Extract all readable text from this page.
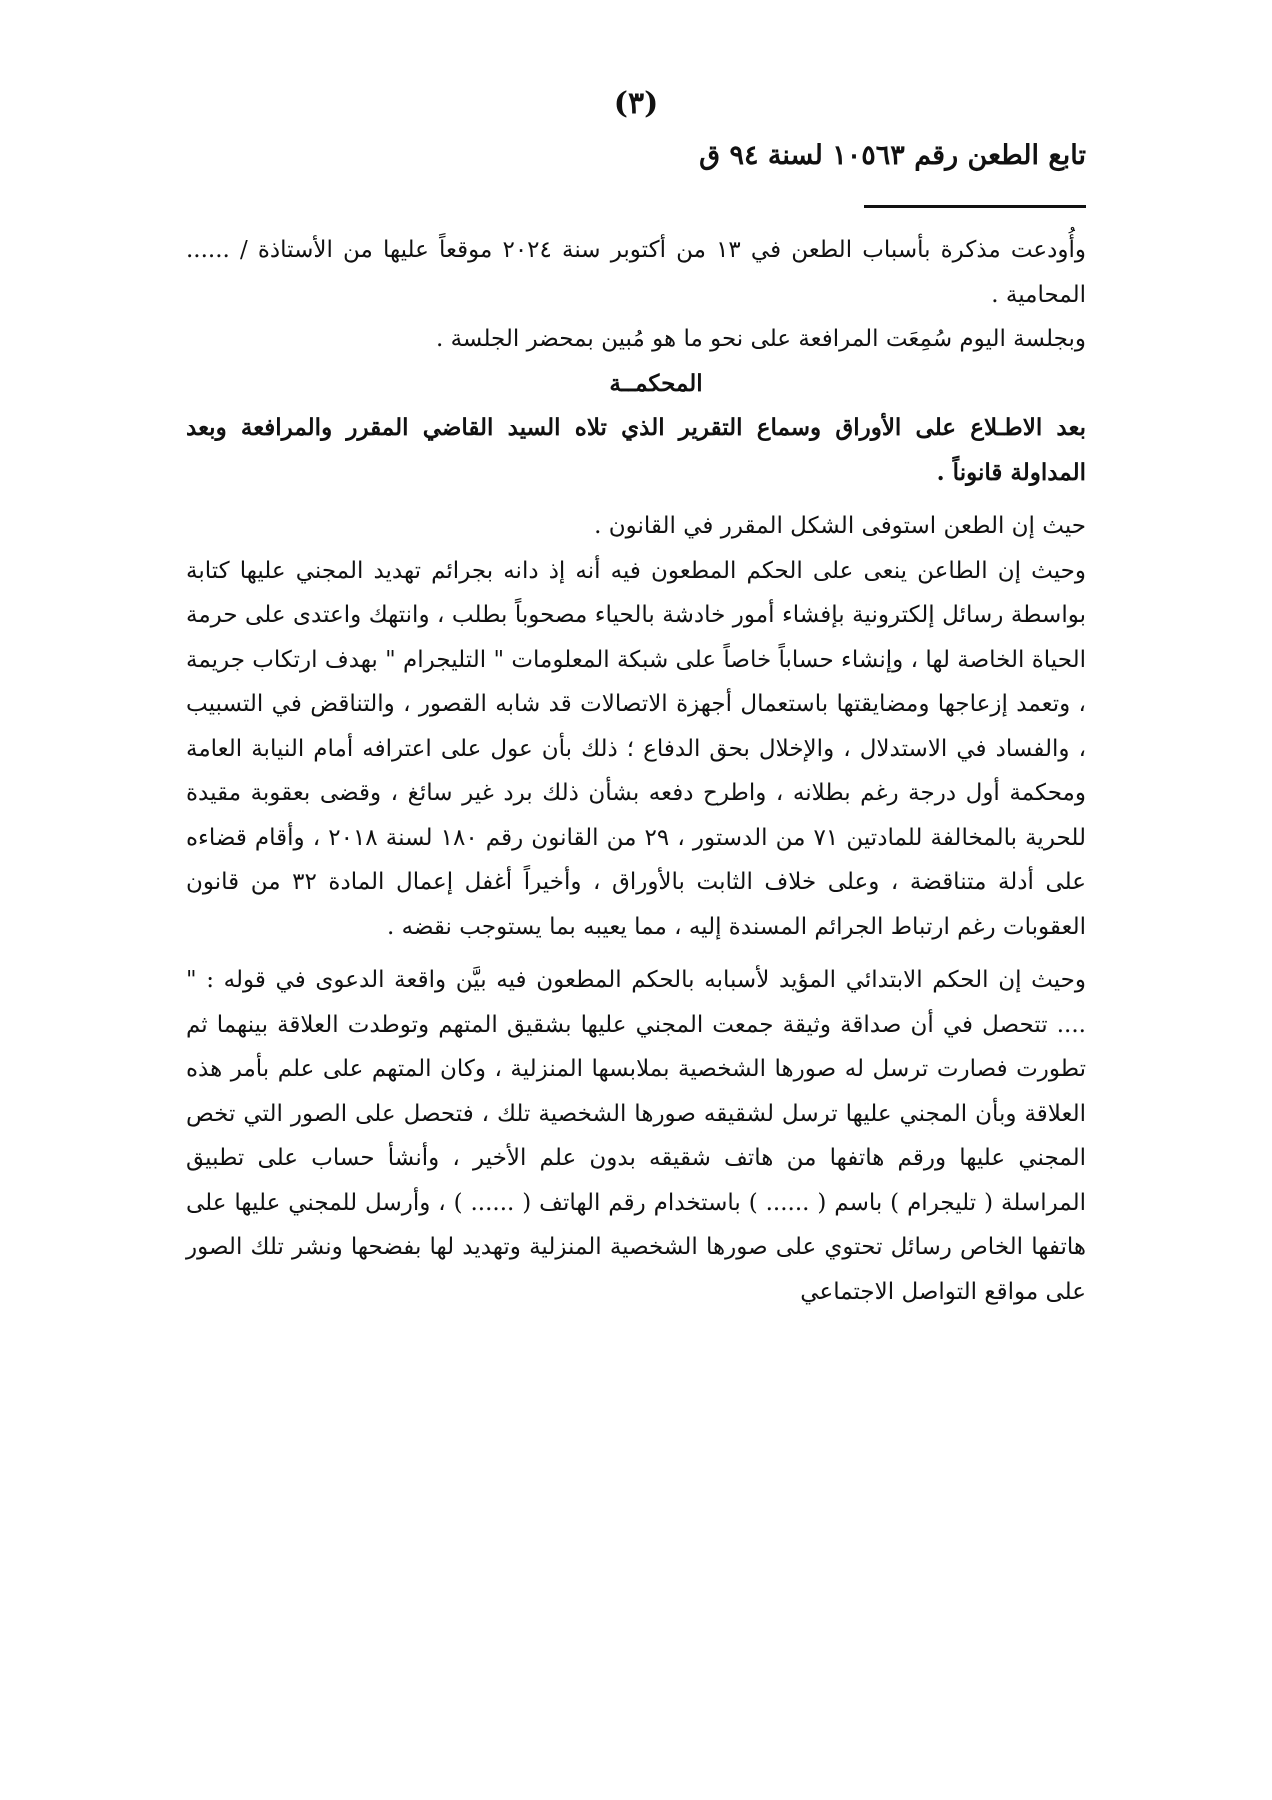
(٣)
تابع الطعن رقم ١٠٥٦٣ لسنة ٩٤ ق

وأُودعت مذكرة بأسباب الطعن في ١٣ من أكتوبر سنة ٢٠٢٤ موقعاً عليها من الأستاذة / ...... المحامية .

وبجلسة اليوم سُمِعَت المرافعة على نحو ما هو مُبين بمحضر الجلسة .

المحكمــة

بعد الاطـلاع على الأوراق وسماع التقرير الذي تلاه السيد القاضي المقرر والمرافعة وبعد المداولة قانوناً .

حيث إن الطعن استوفى الشكل المقرر في القانون .

وحيث إن الطاعن ينعى على الحكم المطعون فيه أنه إذ دانه بجرائم تهديد المجني عليها كتابة بواسطة رسائل إلكترونية بإفشاء أمور خادشة بالحياء مصحوباً بطلب ، وانتهك واعتدى على حرمة الحياة الخاصة لها ، وإنشاء حساباً خاصاً على شبكة المعلومات " التليجرام " بهدف ارتكاب جريمة ، وتعمد إزعاجها ومضايقتها باستعمال أجهزة الاتصالات قد شابه القصور ، والتناقض في التسبيب ، والفساد في الاستدلال ، والإخلال بحق الدفاع ؛ ذلك بأن عول على اعترافه أمام النيابة العامة ومحكمة أول درجة رغم بطلانه ، واطرح دفعه بشأن ذلك برد غير سائغ ، وقضى بعقوبة مقيدة للحرية بالمخالفة للمادتين ٧١ من الدستور ، ٢٩ من القانون رقم ١٨٠ لسنة ٢٠١٨ ، وأقام قضاءه على أدلة متناقضة ، وعلى خلاف الثابت بالأوراق ، وأخيراً أغفل إعمال المادة ٣٢ من قانون العقوبات رغم ارتباط الجرائم المسندة إليه ، مما يعيبه بما يستوجب نقضه .

وحيث إن الحكم الابتدائي المؤيد لأسبابه بالحكم المطعون فيه بيَّن واقعة الدعوى في قوله : " .... تتحصل في أن صداقة وثيقة جمعت المجني عليها بشقيق المتهم وتوطدت العلاقة بينهما ثم تطورت فصارت ترسل له صورها الشخصية بملابسها المنزلية ، وكان المتهم على علم بأمر هذه العلاقة وبأن المجني عليها ترسل لشقيقه صورها الشخصية تلك ، فتحصل على الصور التي تخص المجني عليها ورقم هاتفها من هاتف شقيقه بدون علم الأخير ، وأنشأ حساب على تطبيق المراسلة ( تليجرام ) باسم ( ...... ) باستخدام رقم الهاتف ( ...... ) ، وأرسل للمجني عليها على هاتفها الخاص رسائل تحتوي على صورها الشخصية المنزلية وتهديد لها بفضحها ونشر تلك الصور على مواقع التواصل الاجتماعي
